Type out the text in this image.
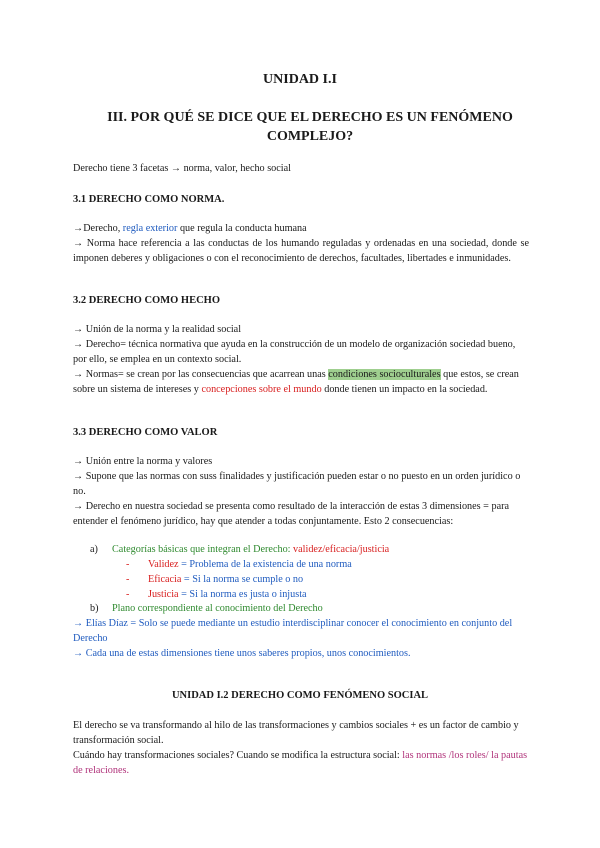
UNIDAD I.I
III. POR QUÉ SE DICE QUE EL DERECHO ES UN FENÓMENO COMPLEJO?
Derecho tiene 3 facetas → norma, valor, hecho social
3.1 DERECHO COMO NORMA.
→Derecho, regla exterior que regula la conducta humana
→ Norma hace referencia a las conductas de los humando reguladas y ordenadas en una sociedad, donde se imponen deberes y obligaciones o con el reconocimiento de derechos, facultades, libertades e inmunidades.
3.2 DERECHO COMO HECHO
→ Unión de la norma y la realidad social
→ Derecho= técnica normativa que ayuda en la construcción de un modelo de organización sociedad bueno, por ello, se emplea en un contexto social.
→ Normas= se crean por las consecuencias que acarrean unas condiciones socioculturales que estos, se crean sobre un sistema de intereses y concepciones sobre el mundo donde tienen un impacto en la sociedad.
3.3 DERECHO COMO VALOR
→ Unión entre la norma y valores
→ Supone que las normas con suss finalidades y justificación pueden estar o no puesto en un orden jurídico o no.
→ Derecho en nuestra sociedad se presenta como resultado de la interacción de estas 3 dimensiones = para entender el fenómeno jurídico, hay que atender a todas conjuntamente. Esto 2 consecuencias:
a) Categorías básicas que integran el Derecho: validez/eficacia/justicia
- Validez = Problema de la existencia de una norma
- Eficacia = Si la norma se cumple o no
- Justicia = Si la norma es justa o injusta
b) Plano correspondiente al conocimiento del Derecho
→ Elías Díaz = Solo se puede mediante un estudio interdisciplinar conocer el conocimiento en conjunto del Derecho
→ Cada una de estas dimensiones tiene unos saberes propios, unos conocimientos.
UNIDAD I.2 DERECHO COMO FENÓMENO SOCIAL
El derecho se va transformando al hilo de las transformaciones y cambios sociales + es un factor de cambio y transformación social.
Cuándo hay transformaciones sociales? Cuando se modifica la estructura social: las normas /los roles/ la pautas de relaciones.
